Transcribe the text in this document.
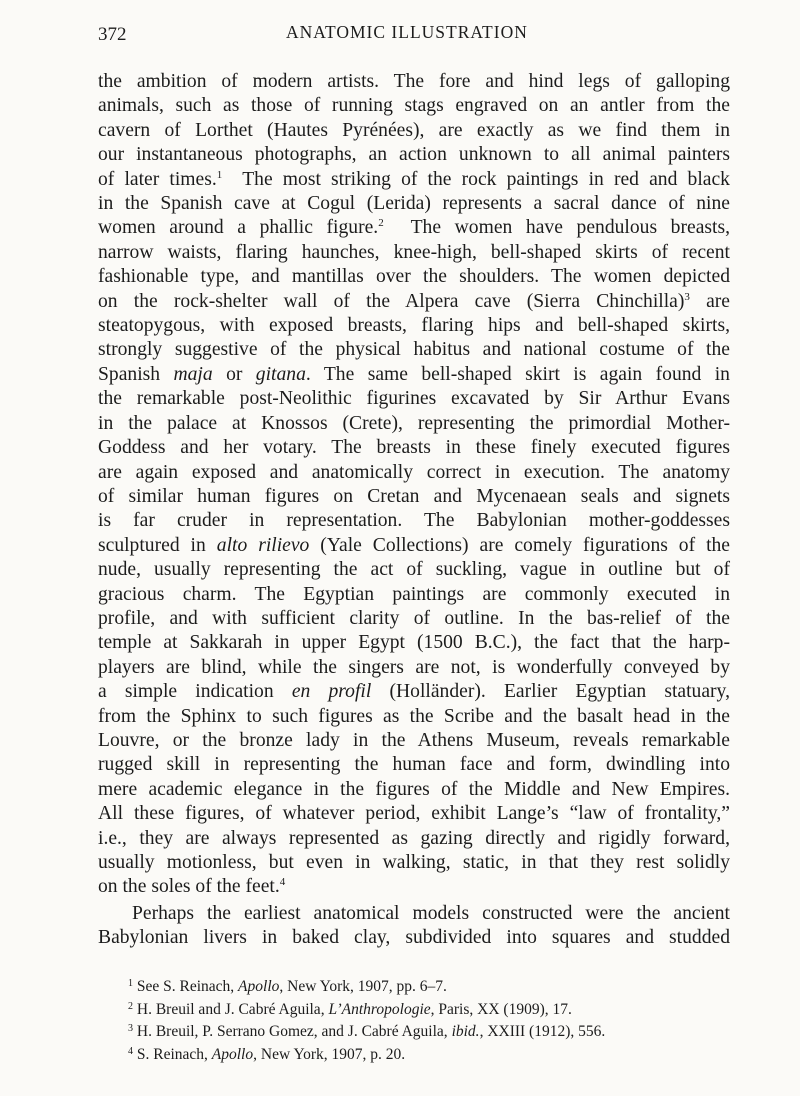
372	ANATOMIC ILLUSTRATION

the ambition of modern artists. The fore and hind legs of galloping
animals, such as those of running stags engraved on an antler from the
cavern of Lorthet (Hautes Pyrénées), are exactly as we find them in
our instantaneous photographs, an action unknown to all animal painters
of later times.$^1$ The most striking of the rock paintings in red and black
in the Spanish cave at Cogul (Lerida) represents a sacral dance of nine
women around a phallic figure.$^2$ The women have pendulous breasts,
narrow waists, flaring haunches, knee-high, bell-shaped skirts of recent
fashionable type, and mantillas over the shoulders. The women depicted
on the rock-shelter wall of the Alpera cave (Sierra Chinchilla)$^3$ are
steatopygous, with exposed breasts, flaring hips and bell-shaped skirts,
strongly suggestive of the physical habitus and national costume of the
Spanish maja or gitana. The same bell-shaped skirt is again found in
the remarkable post-Neolithic figurines excavated by Sir Arthur Evans
in the palace at Knossos (Crete), representing the primordial Mother-
Goddess and her votary. The breasts in these finely executed figures
are again exposed and anatomically correct in execution. The anatomy
of similar human figures on Cretan and Mycenaean seals and signets
is far cruder in representation. The Babylonian mother-goddesses
sculptured in alto rilievo (Yale Collections) are comely figurations of the
nude, usually representing the act of suckling, vague in outline but of
gracious charm. The Egyptian paintings are commonly executed in
profile, and with sufficient clarity of outline. In the bas-relief of the
temple at Sakkarah in upper Egypt (1500 B.C.), the fact that the harp-
players are blind, while the singers are not, is wonderfully conveyed by
a simple indication en profil (Holländer). Earlier Egyptian statuary,
from the Sphinx to such figures as the Scribe and the basalt head in the
Louvre, or the bronze lady in the Athens Museum, reveals remarkable
rugged skill in representing the human face and form, dwindling into
mere academic elegance in the figures of the Middle and New Empires.
All these figures, of whatever period, exhibit Lange’s “law of frontality,”
i.e., they are always represented as gazing directly and rigidly forward,
usually motionless, but even in walking, static, in that they rest solidly
on the soles of the feet.$^4$

Perhaps the earliest anatomical models constructed were the ancient
Babylonian livers in baked clay, subdivided into squares and studded

$^1$ See S. Reinach, Apollo, New York, 1907, pp. 6–7.
$^2$ H. Breuil and J. Cabré Aguila, L’Anthropologie, Paris, XX (1909), 17.
$^3$ H. Breuil, P. Serrano Gomez, and J. Cabré Aguila, ibid., XXIII (1912), 556.
$^4$ S. Reinach, Apollo, New York, 1907, p. 20.
